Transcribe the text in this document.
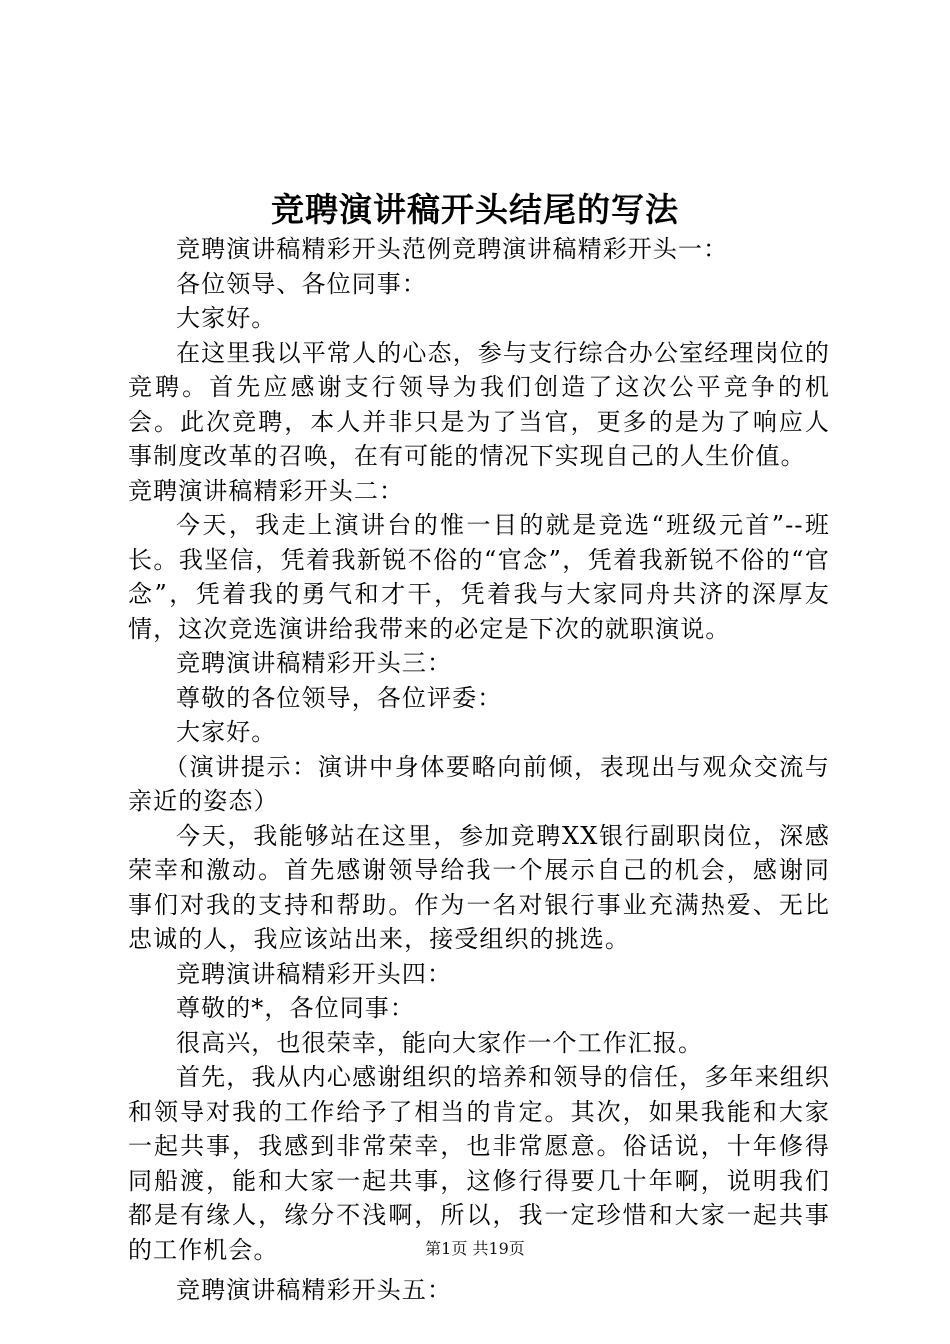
竞聘演讲稿开头结尾的写法

竞聘演讲稿精彩开头范例竞聘演讲稿精彩开头一：

各位领导、各位同事：

大家好。

在这里我以平常人的心态，参与支行综合办公室经理岗位的竞聘。首先应感谢支行领导为我们创造了这次公平竞争的机会。此次竞聘，本人并非只是为了当官，更多的是为了响应人事制度改革的召唤，在有可能的情况下实现自己的人生价值。

竞聘演讲稿精彩开头二：

今天，我走上演讲台的惟一目的就是竞选“班级元首”--班长。我坚信，凭着我新锐不俗的“官念”，凭着我新锐不俗的“官念”，凭着我的勇气和才干，凭着我与大家同舟共济的深厚友情，这次竞选演讲给我带来的必定是下次的就职演说。

竞聘演讲稿精彩开头三：

尊敬的各位领导，各位评委：

大家好。

（演讲提示：演讲中身体要略向前倾，表现出与观众交流与亲近的姿态）

今天，我能够站在这里，参加竞聘XX银行副职岗位，深感荣幸和激动。首先感谢领导给我一个展示自己的机会，感谢同事们对我的支持和帮助。作为一名对银行事业充满热爱、无比忠诚的人，我应该站出来，接受组织的挑选。

竞聘演讲稿精彩开头四：

尊敬的*，各位同事：

很高兴，也很荣幸，能向大家作一个工作汇报。

首先，我从内心感谢组织的培养和领导的信任，多年来组织和领导对我的工作给予了相当的肯定。其次，如果我能和大家一起共事，我感到非常荣幸，也非常愿意。俗话说，十年修得同船渡，能和大家一起共事，这修行得要几十年啊，说明我们都是有缘人，缘分不浅啊，所以，我一定珍惜和大家一起共事的工作机会。

竞聘演讲稿精彩开头五：

第1页 共19页
